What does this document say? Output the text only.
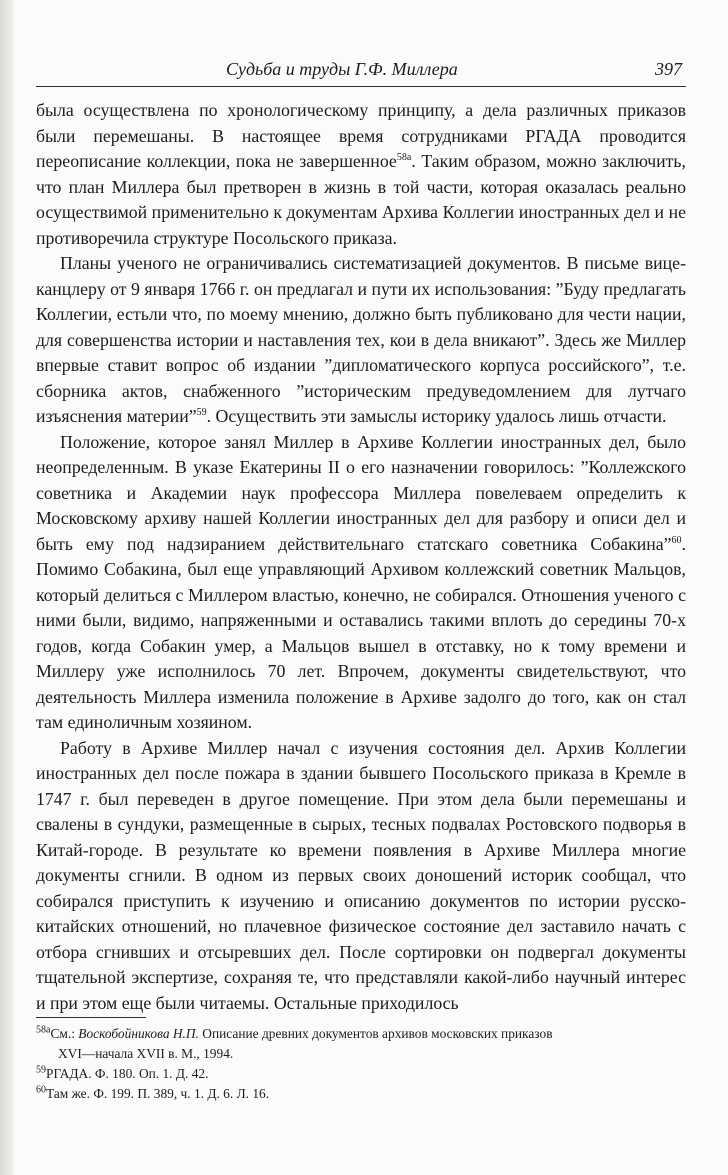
Судьба и труды Г.Ф. Миллера	397

была осуществлена по хронологическому принципу, а дела различных приказов были перемешаны. В настоящее время сотрудниками РГАДА проводится переописание коллекции, пока не завершенное$^{58а}$. Таким образом, можно заключить, что план Миллера был претворен в жизнь в той части, которая оказалась реально осуществимой применительно к документам Архива Коллегии иностранных дел и не противоречила структуре Посольского приказа.

Планы ученого не ограничивались систематизацией документов. В письме вице-канцлеру от 9 января 1766 г. он предлагал и пути их использования: ”Буду предлагать Коллегии, естьли что, по моему мнению, должно быть публиковано для чести нации, для совершенства истории и наставления тех, кои в дела вникают”. Здесь же Миллер впервые ставит вопрос об издании ”дипломатического корпуса российского”, т.е. сборника актов, снабженного ”историческим предуведомлением для лутчаго изъяснения материи”$^{59}$. Осуществить эти замыслы историку удалось лишь отчасти.

Положение, которое занял Миллер в Архиве Коллегии иностранных дел, было неопределенным. В указе Екатерины II о его назначении говорилось: ”Коллежского советника и Академии наук профессора Миллера повелеваем определить к Московскому архиву нашей Коллегии иностранных дел для разбору и описи дел и быть ему под надзиранием действительнаго статскаго советника Собакина”$^{60}$. Помимо Собакина, был еще управляющий Архивом коллежский советник Мальцов, который делиться с Миллером властью, конечно, не собирался. Отношения ученого с ними были, видимо, напряженными и оставались такими вплоть до середины 70-х годов, когда Собакин умер, а Мальцов вышел в отставку, но к тому времени и Миллеру уже исполнилось 70 лет. Впрочем, документы свидетельствуют, что деятельность Миллера изменила положение в Архиве задолго до того, как он стал там единоличным хозяином.

Работу в Архиве Миллер начал с изучения состояния дел. Архив Коллегии иностранных дел после пожара в здании бывшего Посольского приказа в Кремле в 1747 г. был переведен в другое помещение. При этом дела были перемешаны и свалены в сундуки, размещенные в сырых, тесных подвалах Ростовского подворья в Китай-городе. В результате ко времени появления в Архиве Миллера многие документы сгнили. В одном из первых своих доношений историк сообщал, что собирался приступить к изучению и описанию документов по истории русско-китайских отношений, но плачевное физическое состояние дел заставило начать с отбора сгнивших и отсыревших дел. После сортировки он подвергал документы тщательной экспертизе, сохраняя те, что представляли какой-либо научный интерес и при этом еще были читаемы. Остальные приходилось

$^{58а}$См.: Воскобойникова Н.П. Описание древних документов архивов московских приказов
XVI—начала XVII в. М., 1994.

$^{59}$РГАДА. Ф. 180. Оп. 1. Д. 42.

$^{60}$Там же. Ф. 199. П. 389, ч. 1. Д. 6. Л. 16.
